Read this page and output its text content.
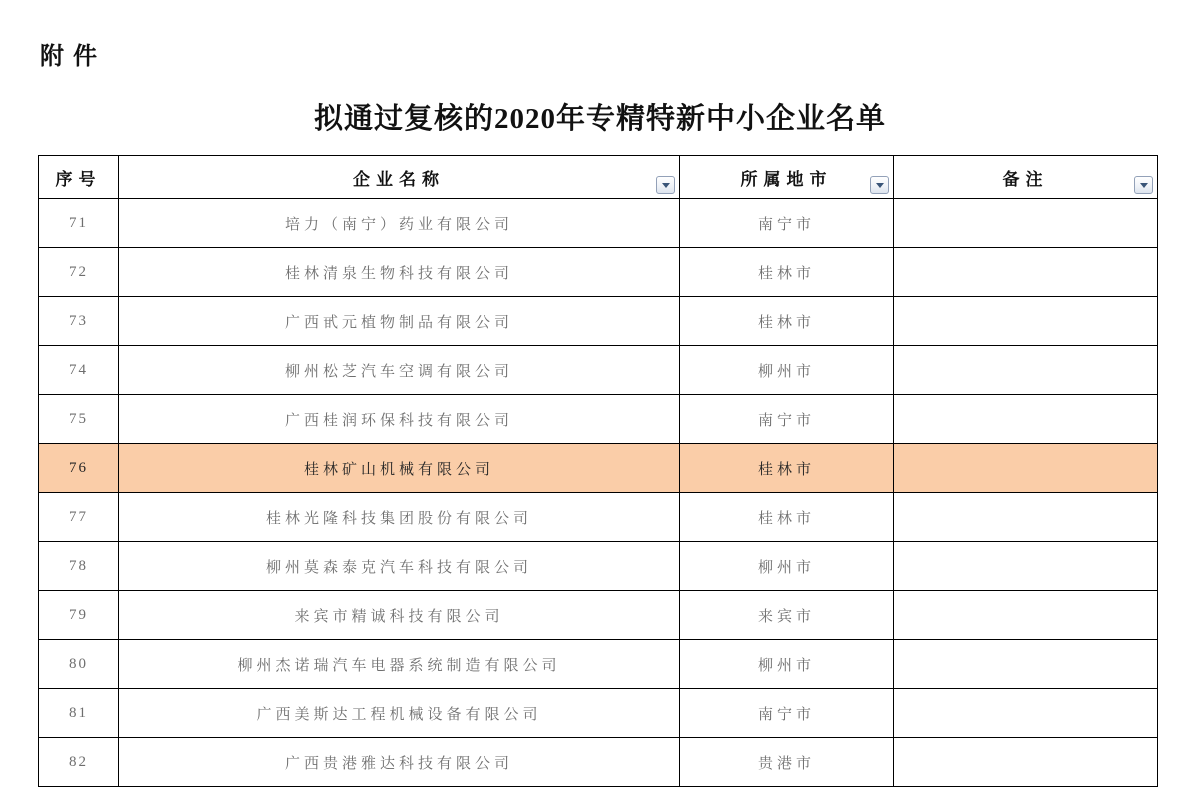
附件
拟通过复核的2020年专精特新中小企业名单
序号	企业名称	所属地市	备注

71	培力（南宁）药业有限公司	南宁市	
72	桂林清泉生物科技有限公司	桂林市	
73	广西甙元植物制品有限公司	桂林市	
74	柳州松芝汽车空调有限公司	柳州市	
75	广西桂润环保科技有限公司	南宁市	
76	桂林矿山机械有限公司	桂林市	
77	桂林光隆科技集团股份有限公司	桂林市	
78	柳州莫森泰克汽车科技有限公司	柳州市	
79	来宾市精诚科技有限公司	来宾市	
80	柳州杰诺瑞汽车电器系统制造有限公司	柳州市	
81	广西美斯达工程机械设备有限公司	南宁市	
82	广西贵港雅达科技有限公司	贵港市	
